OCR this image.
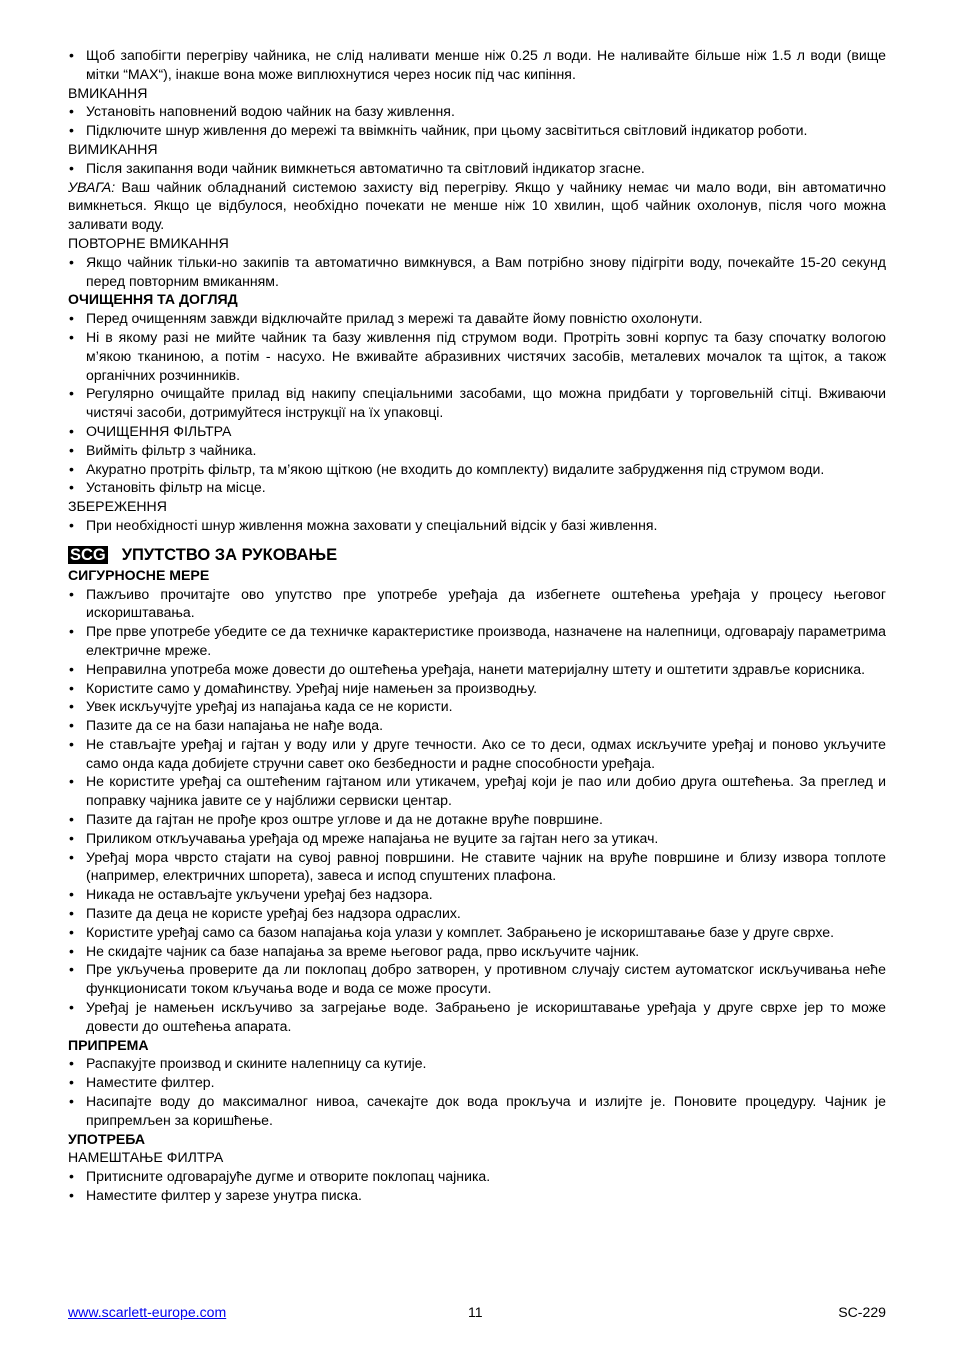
• Щоб запобігти перегріву чайника, не слід наливати менше ніж 0.25 л води. Не наливайте більше ніж 1.5 л води (вище мітки “MAX“), інакше вона може виплюхнутися через носик під час кипіння.

ВМИКАННЯ

• Установіть наповнений водою чайник на базу живлення.

• Підключите шнур живлення до мережі та ввімкніть чайник, при цьому засвітиться світловий індикатор роботи.

ВИМИКАННЯ

• Після закипання води чайник вимкнеться автоматично та світловий індикатор згасне.

УВАГА: Ваш чайник обладнаний системою захисту від перегріву. Якщо у чайнику немає чи мало води, він автоматично вимкнеться. Якщо це відбулося, необхідно почекати не менше ніж 10 хвилин, щоб чайник охолонув, після чого можна заливати воду.

ПОВТОРНЕ ВМИКАННЯ

• Якщо чайник тільки-но закипів та автоматично вимкнувся, а Вам потрібно знову підігріти воду, почекайте 15-20 секунд перед повторним вмиканням.

ОЧИЩЕННЯ ТА ДОГЛЯД

• Перед очищенням завжди відключайте прилад з мережі та давайте йому повністю охолонути.

• Ні в якому разі не мийте чайник та базу живлення під струмом води. Протріть зовні корпус та базу спочатку вологою м’якою тканиною, а потім - насухо. Не вживайте абразивних чистячих засобів, металевих мочалок та щіток, а також органічних розчинників.

• Регулярно очищайте прилад від накипу спеціальними засобами, що можна придбати у торговельній сітці. Вживаючи чистячі засоби, дотримуйтеся інструкції на їх упаковці.

• ОЧИЩЕННЯ ФІЛЬТРА

• Вийміть фільтр з чайника.

• Акуратно протріть фільтр, та м’якою щіткою (не входить до комплекту) видалите забрудження під струмом води.

• Установіть фільтр на місце.

ЗБЕРЕЖЕННЯ

• При необхідності шнур живлення можна заховати у спеціальний відсік у базі живлення.

SCG УПУТСТВО ЗА РУКОВАЊЕ

СИГУРНОСНЕ МЕРЕ

• Пажљиво прочитајте ово упутство пре употребе уређаја да избегнете оштећења уређаја у процесу његовог искориштавања.

• Пре прве употребе убедите се да техничке карактеристике производа, назначене на налепници, одговарају параметрима електричне мреже.

• Неправилна употреба може довести до оштећења уређаја, нанети материјалну штету и оштетити здравље корисника.

• Користите само у домаћинству. Уређај није намењен за производњу.

• Увек искључујте уређај из напајања када се не користи.

• Пазите да се на бази напајања не нађе вода.

• Не стављајте уређај и гајтан у воду или у друге течности. Ако се то деси, одмах искључите уређај и поново укључите само онда када добијете стручни савет око безбедности и радне способности уређаја.

• Не користите уређај са оштећеним гајтаном или утикачем, уређај који је пао или добио друга оштећења. За преглед и поправку чајника јавите се у најближи сервиски центар.

• Пазите да гајтан не прође кроз оштре углове и да не дотакне вруће површине.

• Приликом откључавања уређаја од мреже напајања не вуците за гајтан него за утикач.

• Уређај мора чврсто стајати на сувој равној површини. Не ставите чајник на вруће површине и близу извора топлоте (например, електричних шпорета), завеса и испод спуштених плафона.

• Никада не остављајте укључени уређај без надзора.

• Пазите да деца не користе уређај без надзора одраслих.

• Користите уређај само са базом напајања која улази у комплет. Забрањено је искориштавање базе у друге сврхе.

• Не скидајте чајник са базе напајања за време његовог рада, прво искључите чајник.

• Пре укључења проверите да ли поклопац добро затворен, у противном случају систем аутоматског искључивања неће функционисати током кључања воде и вода се може просути.

• Уређај је намењен искључиво за загрејање воде. Забрањено је искориштавање уређаја у друге сврхе јер то може довести до оштећења апарата.

ПРИПРЕМА

• Распакујте производ и скините налепницу са кутије.

• Наместите филтер.

• Насипајте воду до максималног нивоа, сачекајте док вода прокључа и излијте је. Поновите процедуру. Чајник је припремљен за коришћење.

УПОТРЕБА

НАМЕШТАЊЕ ФИЛТРА

• Притисните одговарајуће дугме и отворите поклопац чајника.

• Наместите филтер у зарезе унутра писка.

www.scarlett-europe.com	11	SC-229
